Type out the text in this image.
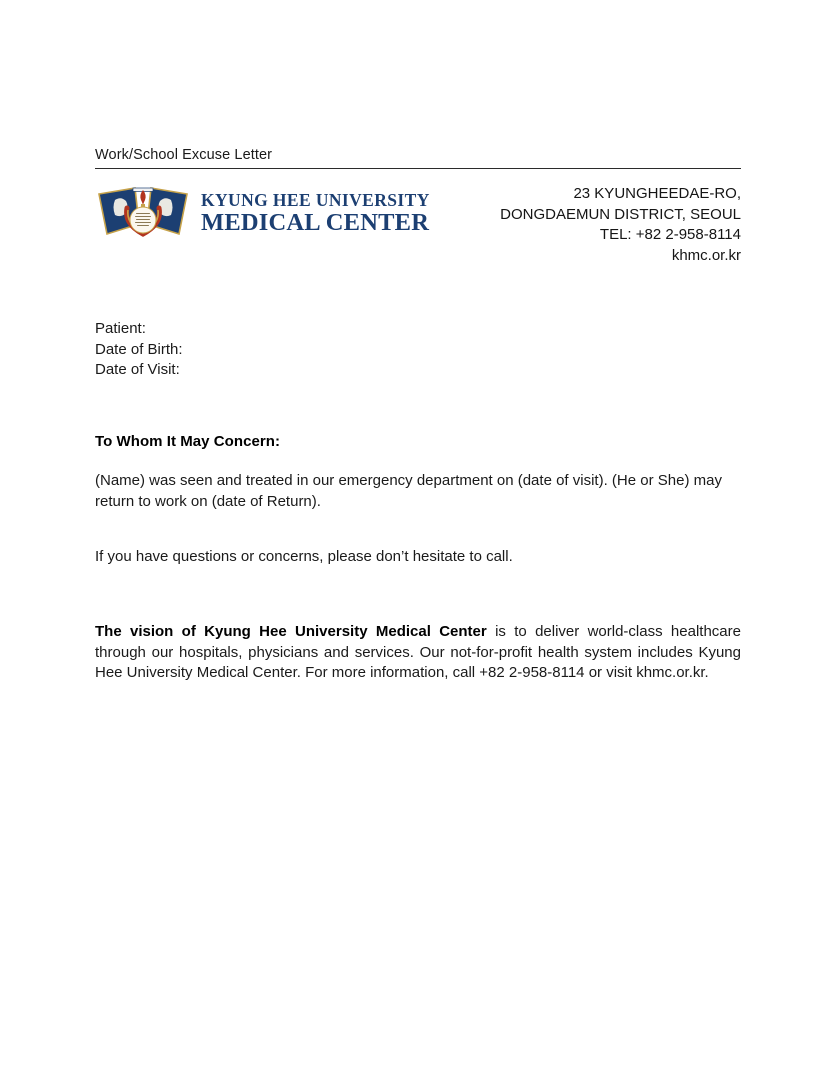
Work/School Excuse Letter
KYUNG HEE UNIVERSITY
MEDICAL CENTER
23 KYUNGHEEDAE-RO,
DONGDAEMUN DISTRICT, SEOUL
TEL: +82 2-958-8114
khmc.or.kr
Patient:
Date of Birth:
Date of Visit:
To Whom It May Concern:
(Name) was seen and treated in our emergency department on (date of visit). (He or She) may return to work on (date of Return).
If you have questions or concerns, please don’t hesitate to call.
The vision of Kyung Hee University Medical Center is to deliver world-class healthcare through our hospitals, physicians and services. Our not-for-profit health system includes Kyung Hee University Medical Center. For more information, call +82 2-958-8114 or visit khmc.or.kr.
